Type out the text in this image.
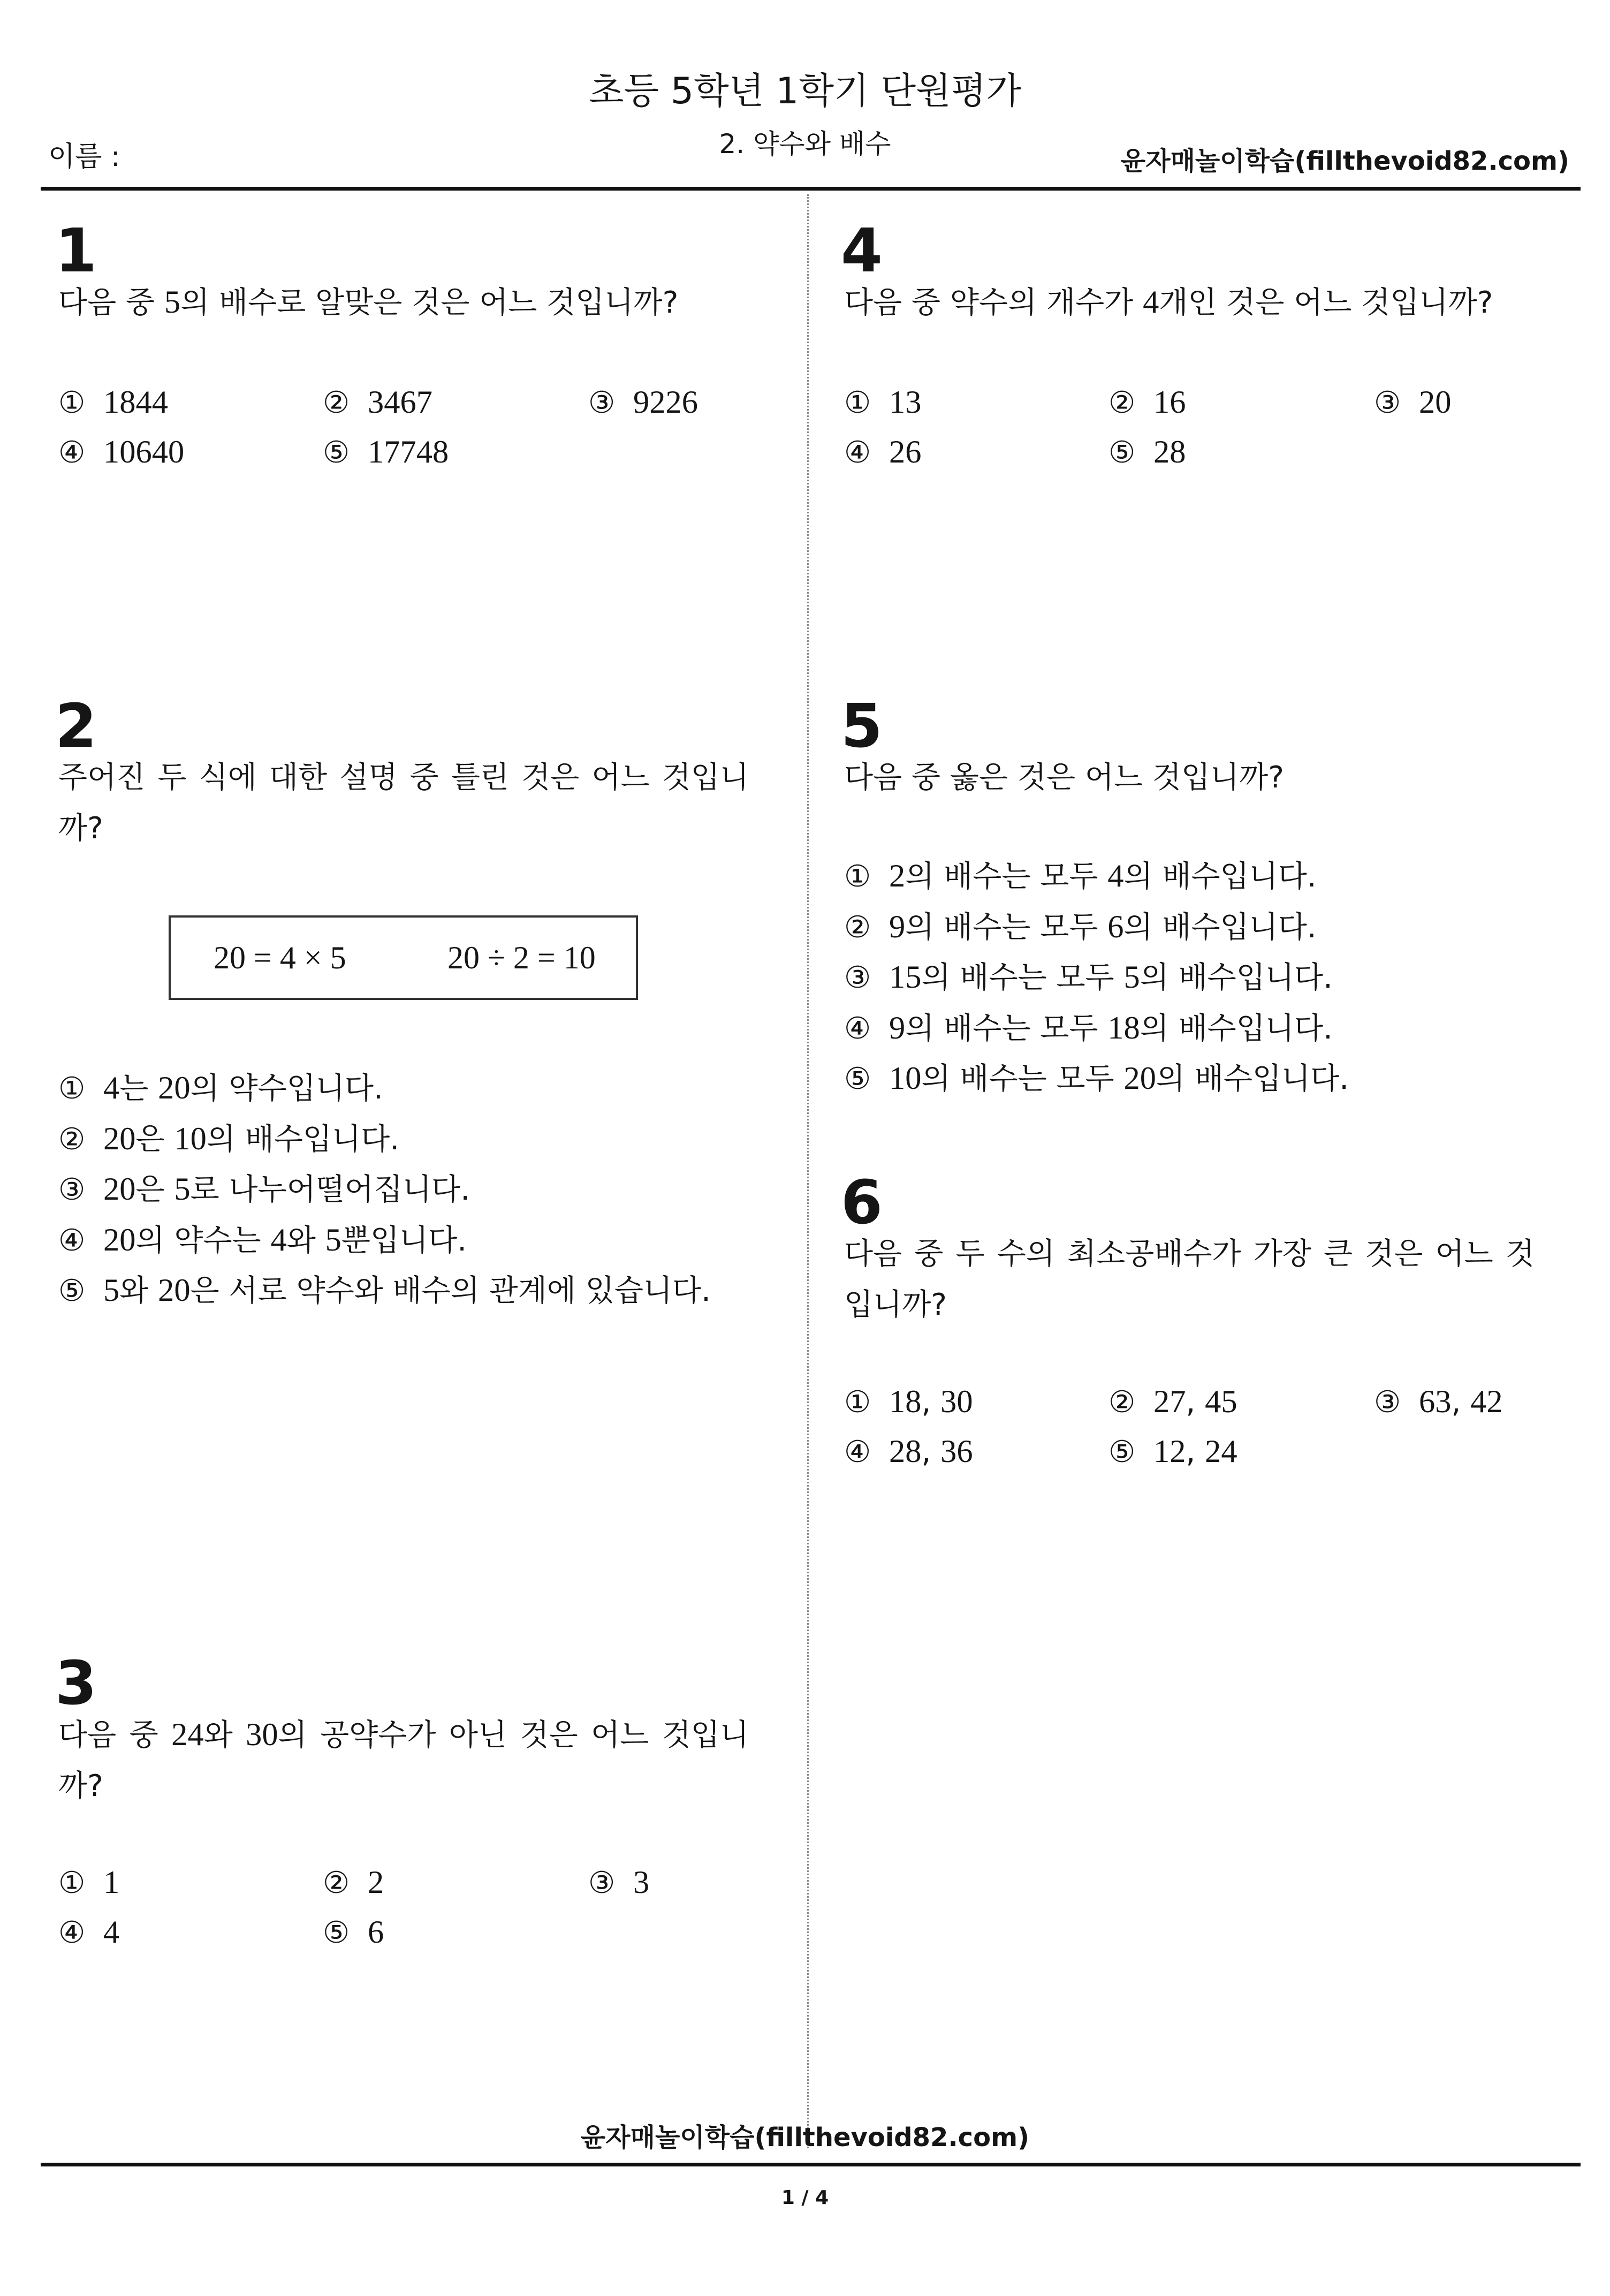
초등 5학년 1학기 단원평가
2. 약수와 배수
이름 :	윤자매놀이학습(fillthevoid82.com)
1
다음 중 5의 배수로 알맞은 것은 어느 것입니까?
① 1844	② 3467	③ 9226
④ 10640	⑤ 17748
2
주어진 두 식에 대한 설명 중 틀린 것은 어느 것입니
까?
20 = 4 × 5	20 ÷ 2 = 10
① 4는 20의 약수입니다.
② 20은 10의 배수입니다.
③ 20은 5로 나누어떨어집니다.
④ 20의 약수는 4와 5뿐입니다.
⑤ 5와 20은 서로 약수와 배수의 관계에 있습니다.
3
다음 중 24와 30의 공약수가 아닌 것은 어느 것입니
까?
① 1	② 2	③ 3
④ 4	⑤ 6
4
다음 중 약수의 개수가 4개인 것은 어느 것입니까?
① 13	② 16	③ 20
④ 26	⑤ 28
5
다음 중 옳은 것은 어느 것입니까?
① 2의 배수는 모두 4의 배수입니다.
② 9의 배수는 모두 6의 배수입니다.
③ 15의 배수는 모두 5의 배수입니다.
④ 9의 배수는 모두 18의 배수입니다.
⑤ 10의 배수는 모두 20의 배수입니다.
6
다음 중 두 수의 최소공배수가 가장 큰 것은 어느 것
입니까?
① 18, 30	② 27, 45	③ 63, 42
④ 28, 36	⑤ 12, 24
윤자매놀이학습(fillthevoid82.com)
1 / 4
